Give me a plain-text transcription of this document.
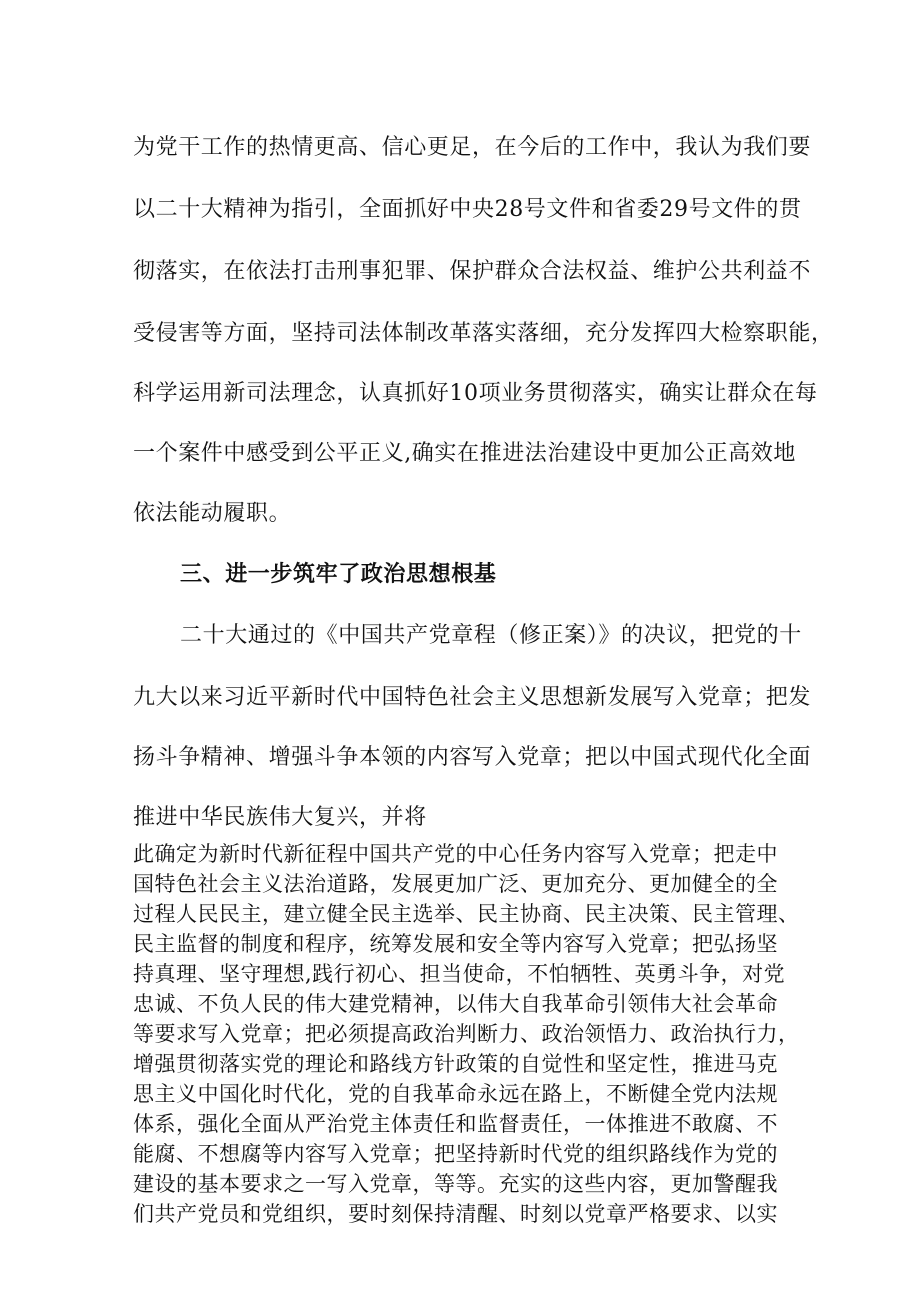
为党干工作的热情更高、信心更足，在今后的工作中，我认为我们要
以二十大精神为指引，全面抓好中央28号文件和省委29号文件的贯
彻落实，在依法打击刑事犯罪、保护群众合法权益、维护公共利益不
受侵害等方面，坚持司法体制改革落实落细，充分发挥四大检察职能，
科学运用新司法理念，认真抓好10项业务贯彻落实，确实让群众在每
一个案件中感受到公平正义,确实在推进法治建设中更加公正高效地
依法能动履职。
三、进一步筑牢了政治思想根基
二十大通过的《中国共产党章程（修正案）》的决议，把党的十
九大以来习近平新时代中国特色社会主义思想新发展写入党章；把发
扬斗争精神、增强斗争本领的内容写入党章；把以中国式现代化全面
推进中华民族伟大复兴，并将
此确定为新时代新征程中国共产党的中心任务内容写入党章；把走中
国特色社会主义法治道路，发展更加广泛、更加充分、更加健全的全
过程人民民主，建立健全民主选举、民主协商、民主决策、民主管理、
民主监督的制度和程序，统筹发展和安全等内容写入党章；把弘扬坚
持真理、坚守理想,践行初心、担当使命，不怕牺牲、英勇斗争，对党
忠诚、不负人民的伟大建党精神，以伟大自我革命引领伟大社会革命
等要求写入党章；把必须提高政治判断力、政治领悟力、政治执行力，
增强贯彻落实党的理论和路线方针政策的自觉性和坚定性，推进马克
思主义中国化时代化，党的自我革命永远在路上，不断健全党内法规
体系，强化全面从严治党主体责任和监督责任，一体推进不敢腐、不
能腐、不想腐等内容写入党章；把坚持新时代党的组织路线作为党的
建设的基本要求之一写入党章，等等。充实的这些内容，更加警醒我
们共产党员和党组织，要时刻保持清醒、时刻以党章严格要求、以实
